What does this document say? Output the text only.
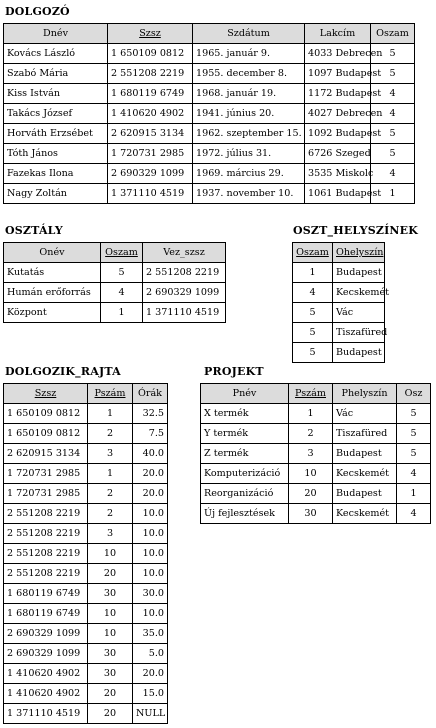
DOLGOZÓ
Dnév	Szsz	Szdátum	Lakcím	Oszam
Kovács László	1 650109 0812	1965. január 9.	4033 Debrecen	5
Szabó Mária	2 551208 2219	1955. december 8.	1097 Budapest	5
Kiss István	1 680119 6749	1968. január 19.	1172 Budapest	4
Takács József	1 410620 4902	1941. június 20.	4027 Debrecen	4
Horváth Erzsébet	2 620915 3134	1962. szeptember 15.	1092 Budapest	5
Tóth János	1 720731 2985	1972. július 31.	6726 Szeged	5
Fazekas Ilona	2 690329 1099	1969. március 29.	3535 Miskolc	4
Nagy Zoltán	1 371110 4519	1937. november 10.	1061 Budapest	1
OSZTÁLY
Onév	Oszam	Vez_szsz
Kutatás	5	2 551208 2219
Humán erőforrás	4	2 690329 1099
Központ	1	1 371110 4519
OSZT_HELYSZÍNEK
Oszam	Ohelyszín
1	Budapest
4	Kecskemét
5	Vác
5	Tiszafüred
5	Budapest
DOLGOZIK_RAJTA
Szsz	Pszám	Órák
1 650109 0812	1	32.5
1 650109 0812	2	7.5
2 620915 3134	3	40.0
1 720731 2985	1	20.0
1 720731 2985	2	20.0
2 551208 2219	2	10.0
2 551208 2219	3	10.0
2 551208 2219	10	10.0
2 551208 2219	20	10.0
1 680119 6749	30	30.0
1 680119 6749	10	10.0
2 690329 1099	10	35.0
2 690329 1099	30	5.0
1 410620 4902	30	20.0
1 410620 4902	20	15.0
1 371110 4519	20	NULL
PROJEKT
Pnév	Pszám	Phelyszín	Osz
X termék	1	Vác	5
Y termék	2	Tiszafüred	5
Z termék	3	Budapest	5
Komputerizáció	10	Kecskemét	4
Reorganizáció	20	Budapest	1
Új fejlesztések	30	Kecskemét	4
